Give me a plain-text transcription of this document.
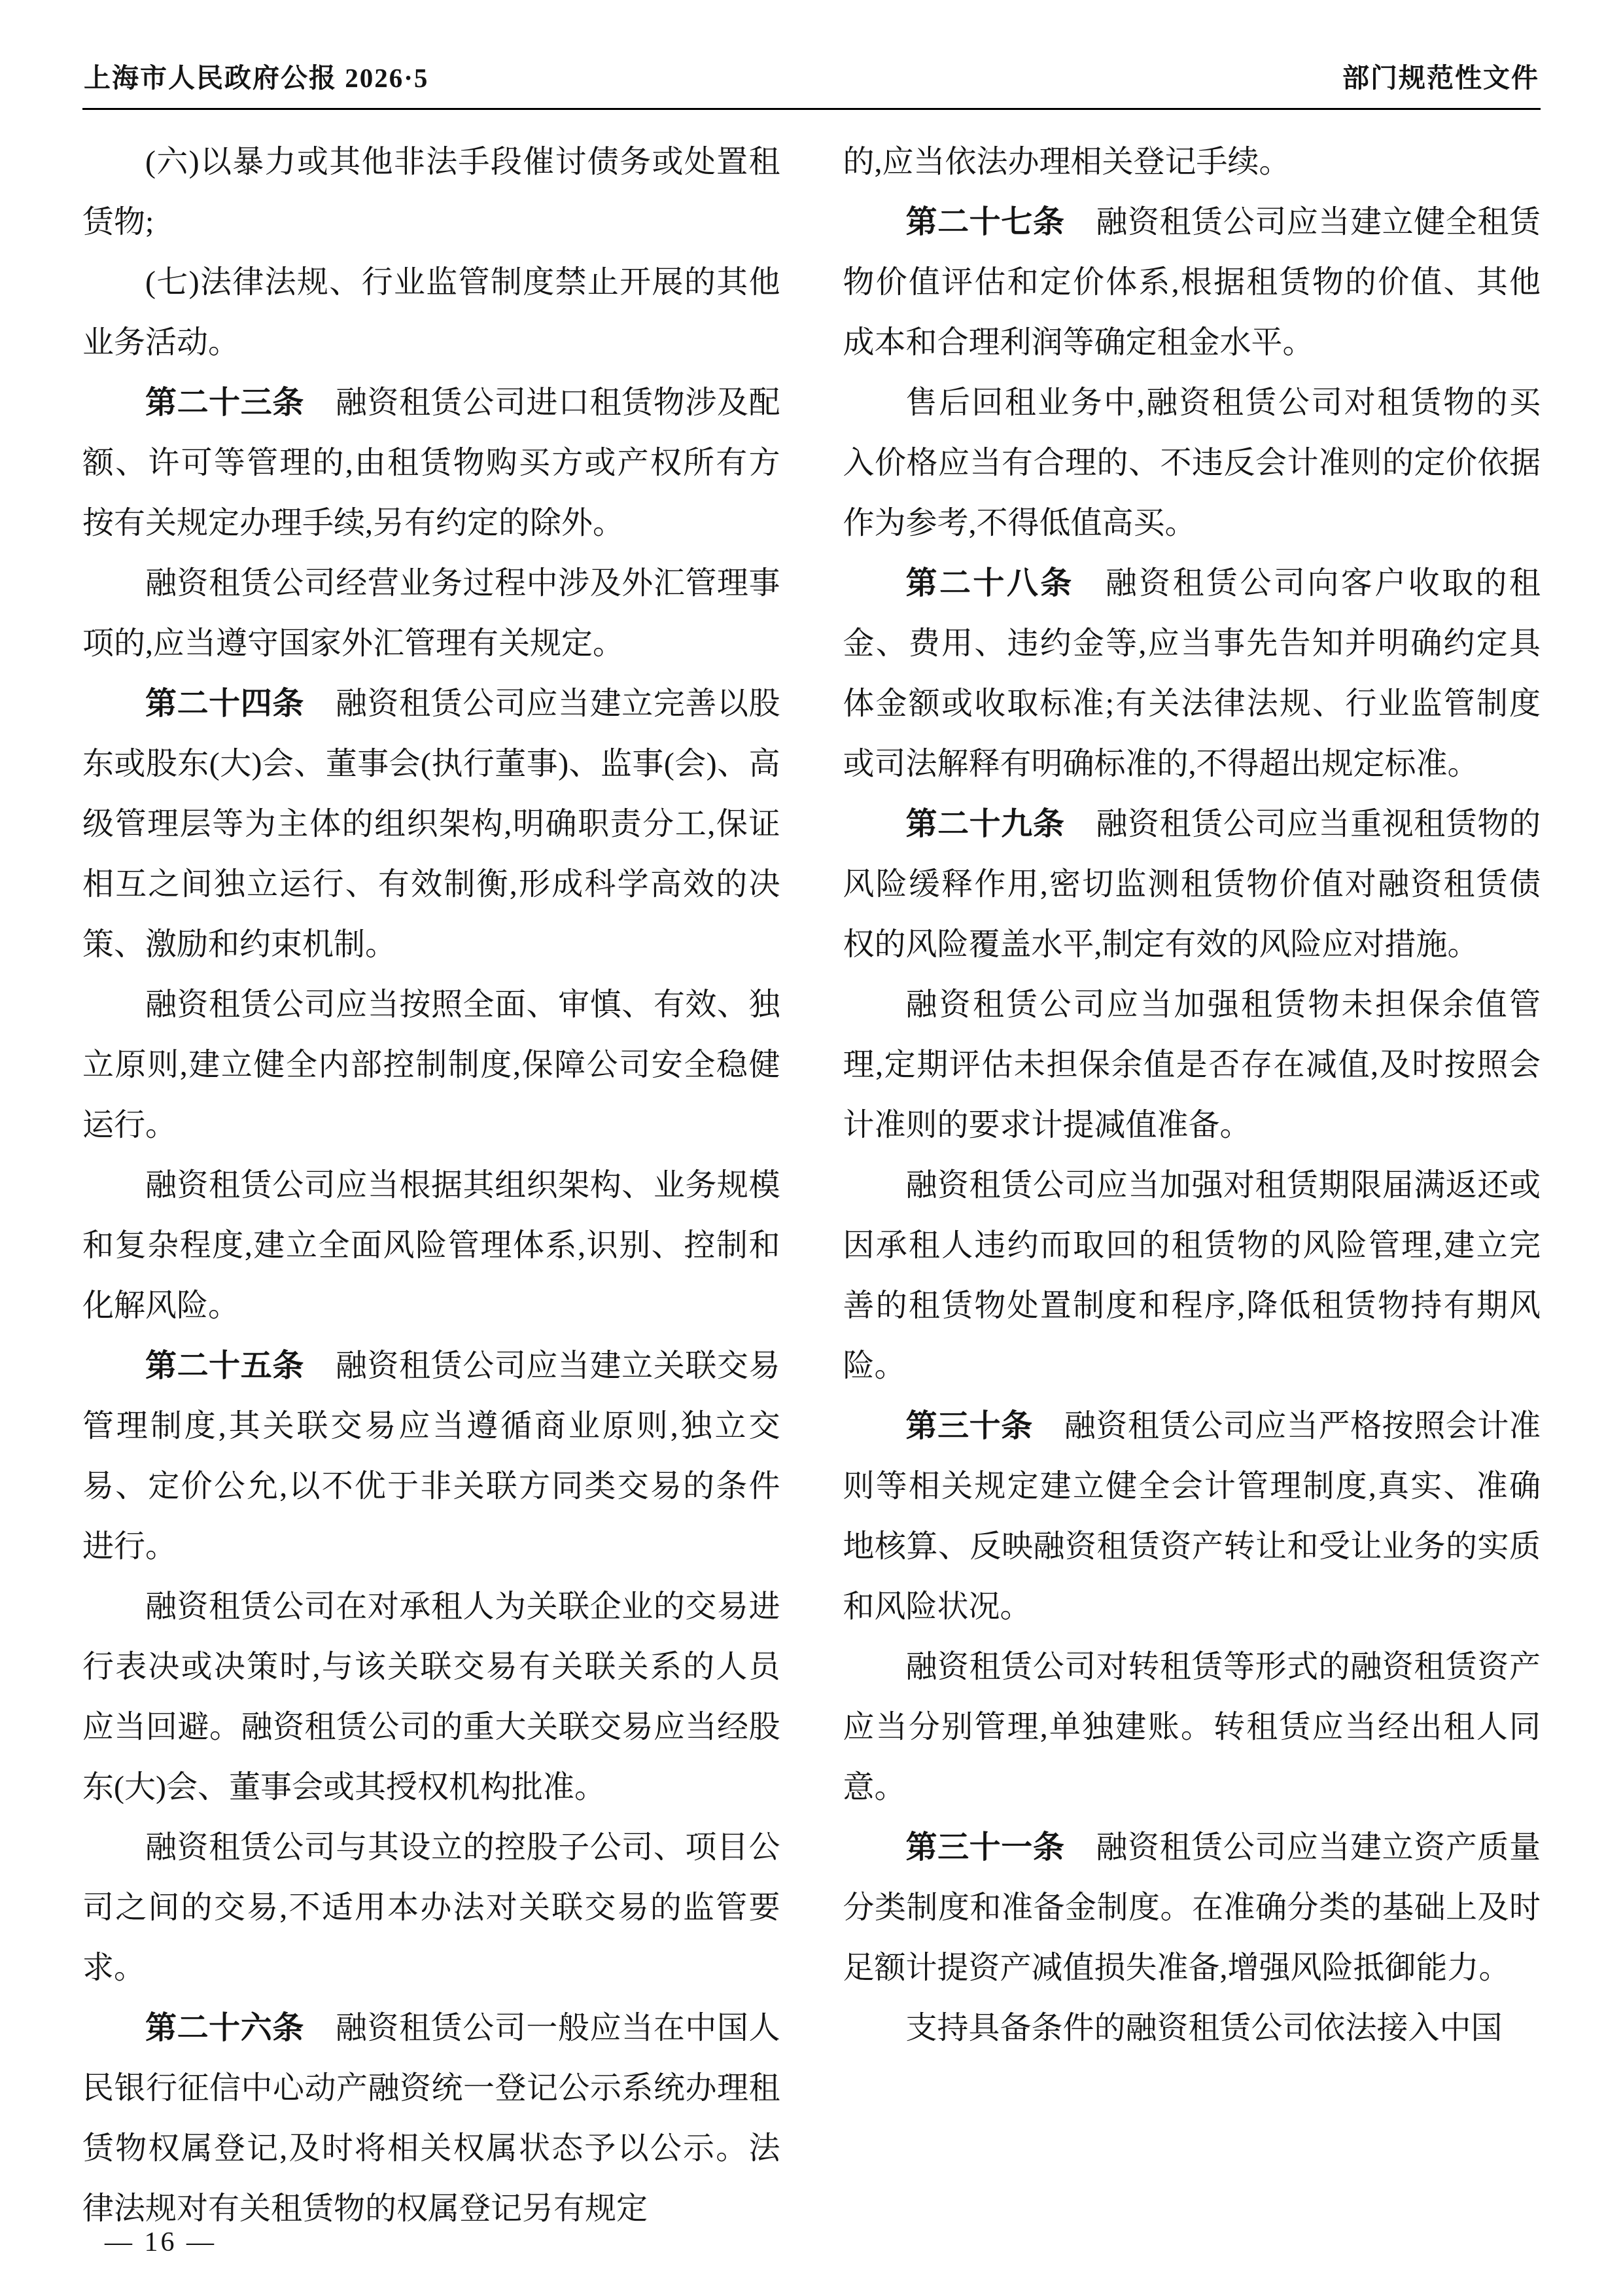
上海市人民政府公报 2026·5	部门规范性文件

(六)以暴力或其他非法手段催讨债务或处置租赁物;

(七)法律法规、行业监管制度禁止开展的其他业务活动。

第二十三条 融资租赁公司进口租赁物涉及配额、许可等管理的,由租赁物购买方或产权所有方按有关规定办理手续,另有约定的除外。

融资租赁公司经营业务过程中涉及外汇管理事项的,应当遵守国家外汇管理有关规定。

第二十四条 融资租赁公司应当建立完善以股东或股东(大)会、董事会(执行董事)、监事(会)、高级管理层等为主体的组织架构,明确职责分工,保证相互之间独立运行、有效制衡,形成科学高效的决策、激励和约束机制。

融资租赁公司应当按照全面、审慎、有效、独立原则,建立健全内部控制制度,保障公司安全稳健运行。

融资租赁公司应当根据其组织架构、业务规模和复杂程度,建立全面风险管理体系,识别、控制和化解风险。

第二十五条 融资租赁公司应当建立关联交易管理制度,其关联交易应当遵循商业原则,独立交易、定价公允,以不优于非关联方同类交易的条件进行。

融资租赁公司在对承租人为关联企业的交易进行表决或决策时,与该关联交易有关联关系的人员应当回避。融资租赁公司的重大关联交易应当经股东(大)会、董事会或其授权机构批准。

融资租赁公司与其设立的控股子公司、项目公司之间的交易,不适用本办法对关联交易的监管要求。

第二十六条 融资租赁公司一般应当在中国人民银行征信中心动产融资统一登记公示系统办理租赁物权属登记,及时将相关权属状态予以公示。法律法规对有关租赁物的权属登记另有规定

的,应当依法办理相关登记手续。

第二十七条 融资租赁公司应当建立健全租赁物价值评估和定价体系,根据租赁物的价值、其他成本和合理利润等确定租金水平。

售后回租业务中,融资租赁公司对租赁物的买入价格应当有合理的、不违反会计准则的定价依据作为参考,不得低值高买。

第二十八条 融资租赁公司向客户收取的租金、费用、违约金等,应当事先告知并明确约定具体金额或收取标准;有关法律法规、行业监管制度或司法解释有明确标准的,不得超出规定标准。

第二十九条 融资租赁公司应当重视租赁物的风险缓释作用,密切监测租赁物价值对融资租赁债权的风险覆盖水平,制定有效的风险应对措施。

融资租赁公司应当加强租赁物未担保余值管理,定期评估未担保余值是否存在减值,及时按照会计准则的要求计提减值准备。

融资租赁公司应当加强对租赁期限届满返还或因承租人违约而取回的租赁物的风险管理,建立完善的租赁物处置制度和程序,降低租赁物持有期风险。

第三十条 融资租赁公司应当严格按照会计准则等相关规定建立健全会计管理制度,真实、准确地核算、反映融资租赁资产转让和受让业务的实质和风险状况。

融资租赁公司对转租赁等形式的融资租赁资产应当分别管理,单独建账。转租赁应当经出租人同意。

第三十一条 融资租赁公司应当建立资产质量分类制度和准备金制度。在准确分类的基础上及时足额计提资产减值损失准备,增强风险抵御能力。

支持具备条件的融资租赁公司依法接入中国

— 16 —
